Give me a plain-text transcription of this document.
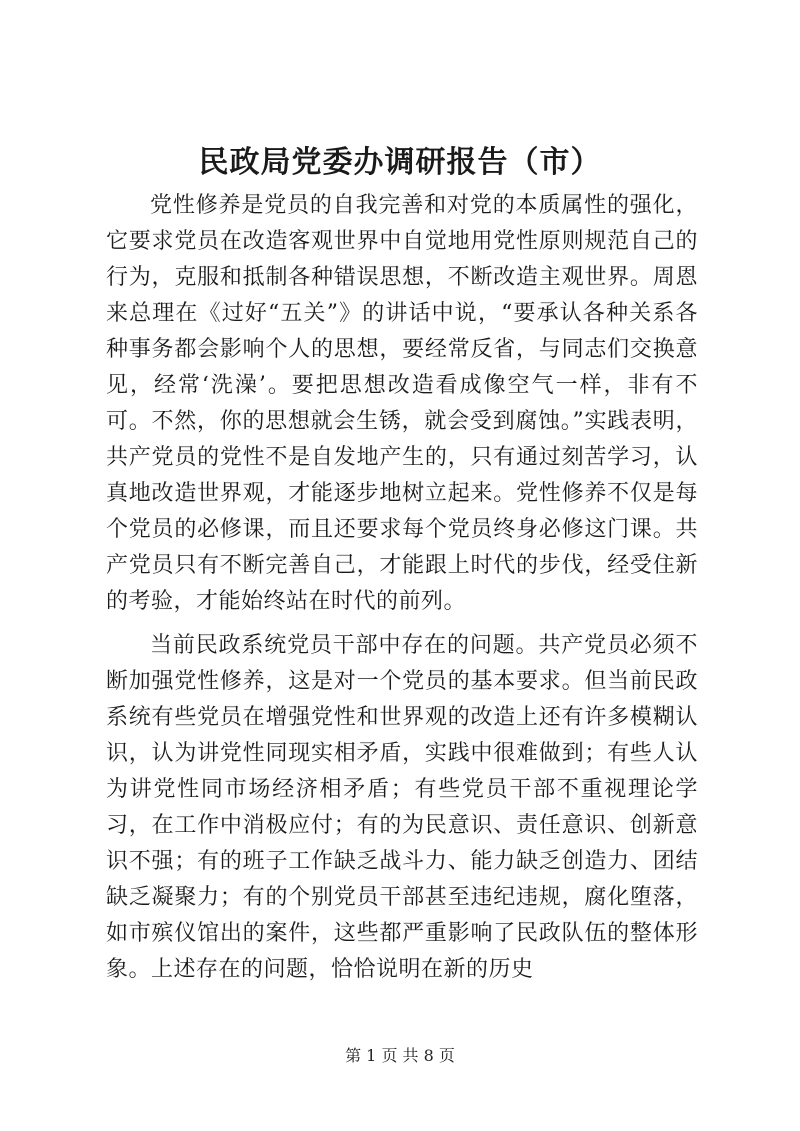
民政局党委办调研报告（市）

党性修养是党员的自我完善和对党的本质属性的强化，它要求党员在改造客观世界中自觉地用党性原则规范自己的行为，克服和抵制各种错误思想，不断改造主观世界。周恩来总理在《过好“五关”》的讲话中说，“要承认各种关系各种事务都会影响个人的思想，要经常反省，与同志们交换意见，经常‘洗澡’。要把思想改造看成像空气一样，非有不可。不然，你的思想就会生锈，就会受到腐蚀。”实践表明，共产党员的党性不是自发地产生的，只有通过刻苦学习，认真地改造世界观，才能逐步地树立起来。党性修养不仅是每个党员的必修课，而且还要求每个党员终身必修这门课。共产党员只有不断完善自己，才能跟上时代的步伐，经受住新的考验，才能始终站在时代的前列。

当前民政系统党员干部中存在的问题。共产党员必须不断加强党性修养，这是对一个党员的基本要求。但当前民政系统有些党员在增强党性和世界观的改造上还有许多模糊认识，认为讲党性同现实相矛盾，实践中很难做到；有些人认为讲党性同市场经济相矛盾；有些党员干部不重视理论学习，在工作中消极应付；有的为民意识、责任意识、创新意识不强；有的班子工作缺乏战斗力、能力缺乏创造力、团结缺乏凝聚力；有的个别党员干部甚至违纪违规，腐化堕落，如市殡仪馆出的案件，这些都严重影响了民政队伍的整体形象。上述存在的问题，恰恰说明在新的历史

第 1 页 共 8 页
